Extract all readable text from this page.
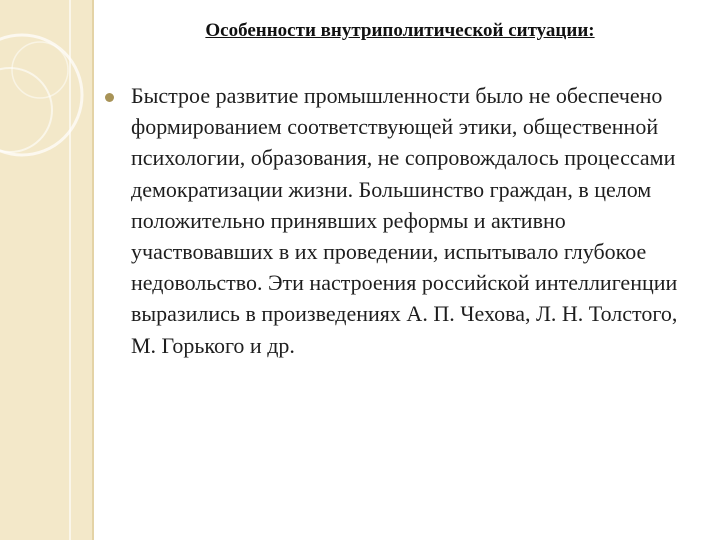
Особенности внутриполитической ситуации:

Быстрое развитие промышленности было не обеспечено формированием соответствующей этики, общественной психологии, образования, не сопровождалось процессами демократизации жизни. Большинство граждан, в целом положительно принявших реформы и активно участвовавших в их проведении, испытывало глубокое недовольство. Эти настроения российской интеллигенции выразились в произведениях А. П. Чехова, Л. Н. Толстого, М. Горького и др.
